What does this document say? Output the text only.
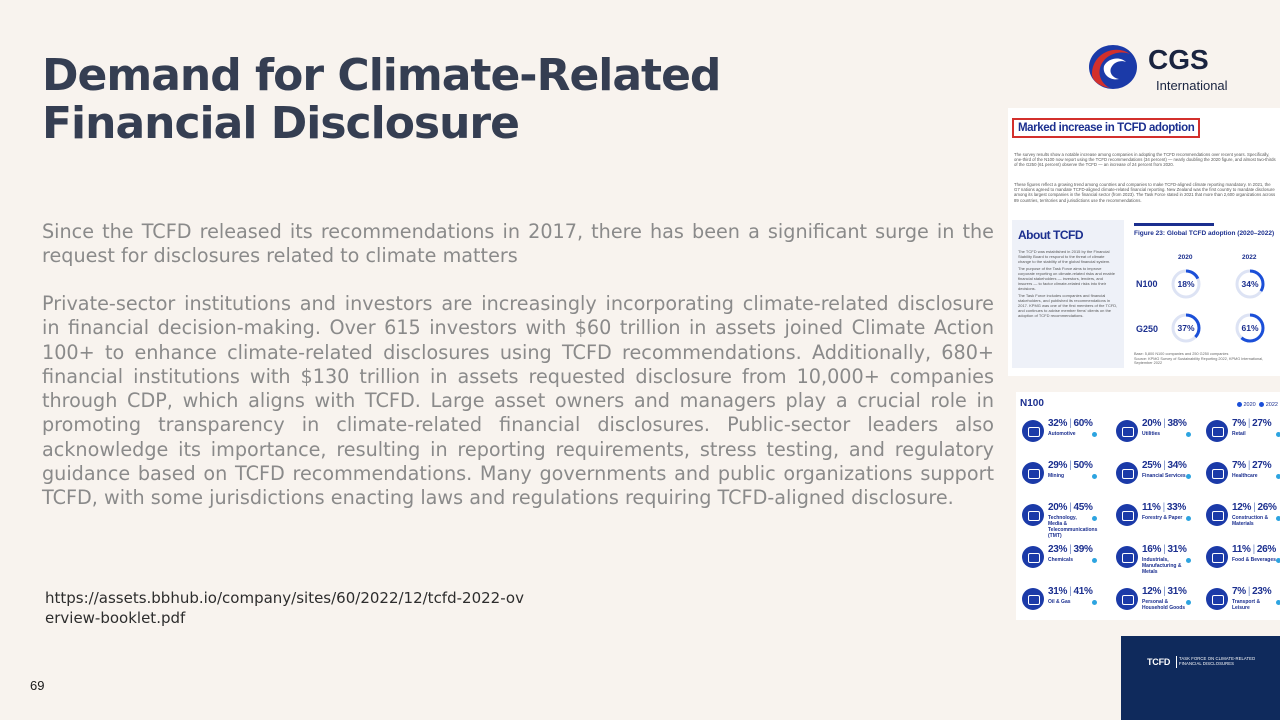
Demand for Climate-Related
Financial Disclosure

Since the TCFD released its recommendations in 2017, there has been a significant surge in the request for disclosures related to climate matters

Private-sector institutions and investors are increasingly incorporating climate-related disclosure in financial decision-making. Over 615 investors with $60 trillion in assets joined Climate Action 100+ to enhance climate-related disclosures using TCFD recommendations. Additionally, 680+ financial institutions with $130 trillion in assets requested disclosure from 10,000+ companies through CDP, which aligns with TCFD. Large asset owners and managers play a crucial role in promoting transparency in climate-related financial disclosures. Public-sector leaders also acknowledge its importance, resulting in reporting requirements, stress testing, and regulatory guidance based on TCFD recommendations. Many governments and public organizations support TCFD, with some jurisdictions enacting laws and regulations requiring TCFD-aligned disclosure.

https://assets.bbhub.io/company/sites/60/2022/12/tcfd-2022-overview-booklet.pdf
69
CGS
International
Marked increase in TCFD adoption

The survey results show a notable increase among companies in adopting the TCFD recommendations over recent years. Specifically, one-third of the N100 now report using the TCFD recommendations (34 percent) — nearly doubling the 2020 figure, and almost two-thirds of the G250 (61 percent) observe the TCFD — an increase of 24 percent from 2020.

These figures reflect a growing trend among countries and companies to make TCFD-aligned climate reporting mandatory. In 2021, the G7 nations agreed to mandate TCFD-aligned climate-related financial reporting. New Zealand was the first country to mandate disclosure among its largest companies in the financial sector (from 2023). The Task Force stated in 2021 that more than 2,600 organizations across 89 countries, territories and jurisdictions use the recommendations.

About TCFD

The TCFD was established in 2015 by the Financial Stability Board to respond to the threat of climate change to the stability of the global financial system.

The purpose of the Task Force aims to improve corporate reporting on climate-related risks and enable financial stakeholders — investors, lenders, and insurers — to factor climate-related risks into their decisions.

The Task Force includes companies and financial stakeholders, and published its recommendations in 2017. KPMG was one of the first members of the TCFD, and continues to advise member firms' clients on the adoption of TCFD recommendations.

Figure 23: Global TCFD adoption (2020–2022)
2020	2022
N100
G250
18%	34%
37%	61%

Base: 5,800 N100 companies and 250 G250 companies

Source: KPMG Survey of Sustainability Reporting 2022, KPMG International, September 2022

N100	2020 2022
32% | 60%
Automotive
20% | 38%
Utilities
7% | 27%
Retail
29% | 50%
Mining
25% | 34%
Financial Services
7% | 27%
Healthcare
20% | 45%
Technology, Media & Telecommunications (TMT)
11% | 33%
Forestry & Paper
12% | 26%
Construction & Materials
23% | 39%
Chemicals
16% | 31%
Industrials, Manufacturing & Metals
11% | 26%
Food & Beverages
31% | 41%
Oil & Gas
12% | 31%
Personal & Household Goods
7% | 23%
Transport & Leisure
TCFD TASK FORCE ON CLIMATE-RELATED FINANCIAL DISCLOSURES
